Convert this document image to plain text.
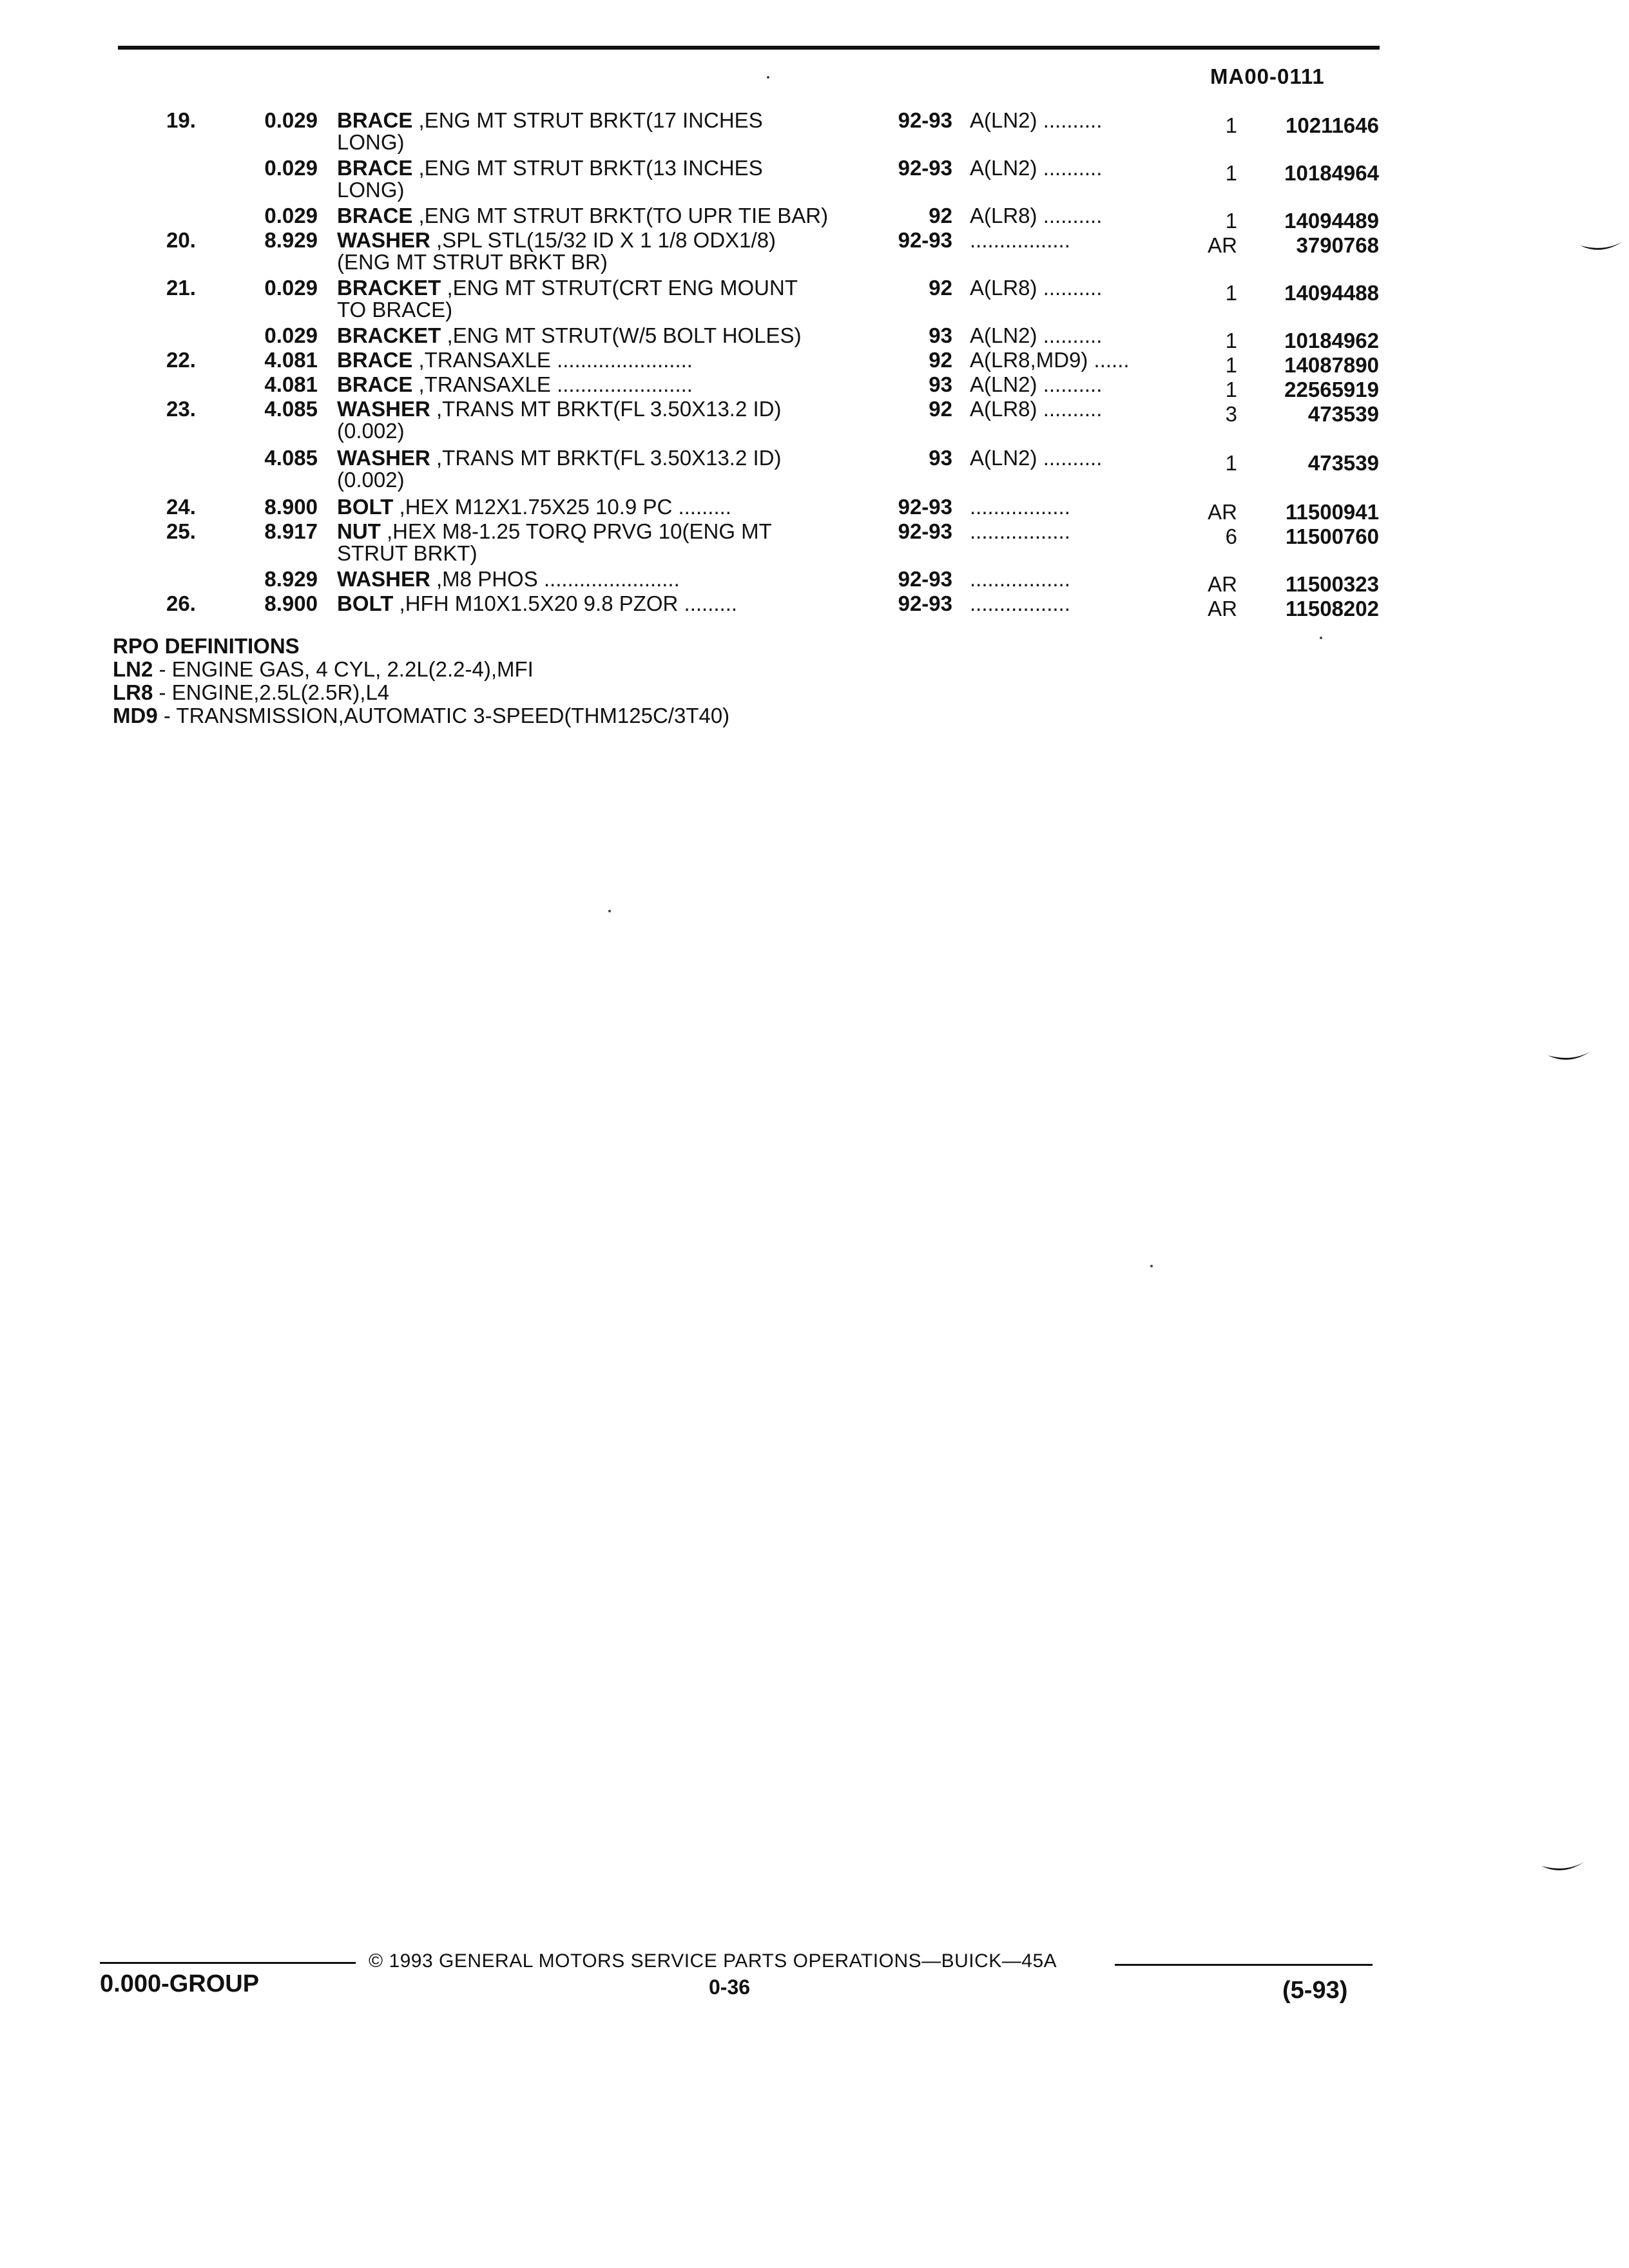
MA00-0111
19.	0.029 BRACE ,ENG MT STRUT BRKT(17 INCHES
LONG)
92-93 A(LN2) ..........	1	10211646
0.029 BRACE ,ENG MT STRUT BRKT(13 INCHES
LONG)
92-93 A(LN2) ..........	1	10184964
0.029 BRACE ,ENG MT STRUT BRKT(TO UPR TIE BAR)	92 A(LR8) ..........	1	14094489
20.	8.929 WASHER ,SPL STL(15/32 ID X 1 1/8 ODX1/8)
(ENG MT STRUT BRKT BR)
92-93 .................	AR	3790768
21.	0.029 BRACKET ,ENG MT STRUT(CRT ENG MOUNT
TO BRACE)
92 A(LR8) ..........	1	14094488
0.029 BRACKET ,ENG MT STRUT(W/5 BOLT HOLES)	93 A(LN2) ..........	1	10184962
22.	4.081 BRACE ,TRANSAXLE .......................	92 A(LR8,MD9) ......	1	14087890
4.081 BRACE ,TRANSAXLE .......................	93 A(LN2) ..........	1	22565919
23.	4.085 WASHER ,TRANS MT BRKT(FL 3.50X13.2 ID)
(0.002)
92 A(LR8) ..........	3	473539
4.085 WASHER ,TRANS MT BRKT(FL 3.50X13.2 ID)
(0.002)
93 A(LN2) ..........	1	473539
24.	8.900 BOLT ,HEX M12X1.75X25 10.9 PC .........	92-93 .................	AR	11500941
25.	8.917 NUT ,HEX M8-1.25 TORQ PRVG 10(ENG MT
STRUT BRKT)
92-93 .................	6	11500760
8.929 WASHER ,M8 PHOS .......................	92-93 .................	AR	11500323
26.	8.900 BOLT ,HFH M10X1.5X20 9.8 PZOR .........	92-93 .................	AR	11508202
RPO DEFINITIONS
LN2 - ENGINE GAS, 4 CYL, 2.2L(2.2-4),MFI
LR8 - ENGINE,2.5L(2.5R),L4
MD9 - TRANSMISSION,AUTOMATIC 3-SPEED(THM125C/3T40)
© 1993 GENERAL MOTORS SERVICE PARTS OPERATIONS—BUICK—45A
0.000-GROUP	0-36	(5-93)
